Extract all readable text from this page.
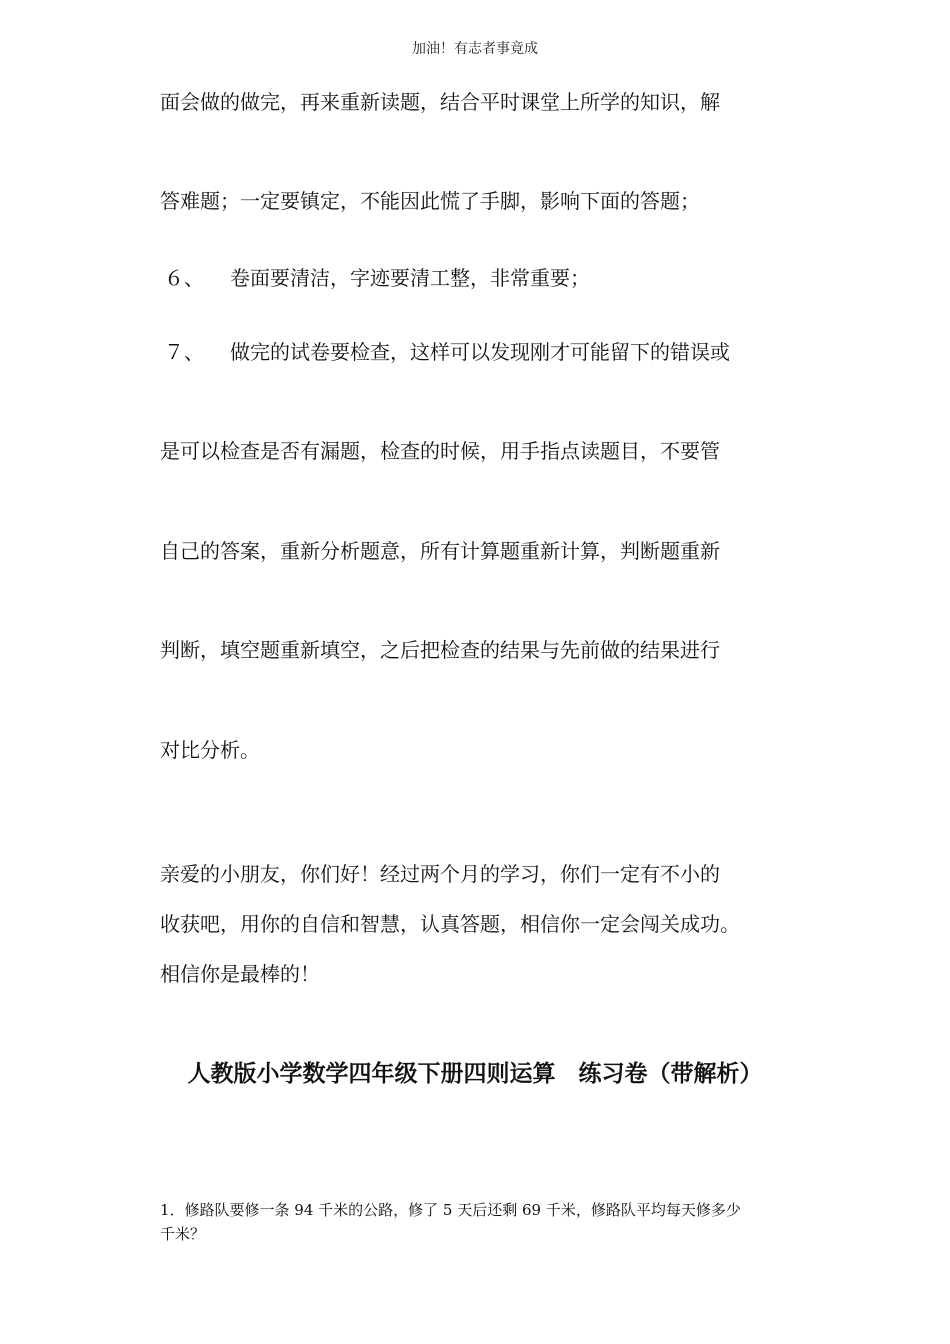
加油！有志者事竟成
面会做的做完，再来重新读题，结合平时课堂上所学的知识，解
答难题；一定要镇定，不能因此慌了手脚，影响下面的答题；
６、 卷面要清洁，字迹要清工整，非常重要；
７、 做完的试卷要检查，这样可以发现刚才可能留下的错误或
是可以检查是否有漏题，检查的时候，用手指点读题目，不要管
自己的答案，重新分析题意，所有计算题重新计算，判断题重新
判断，填空题重新填空，之后把检查的结果与先前做的结果进行
对比分析。
亲爱的小朋友，你们好！经过两个月的学习，你们一定有不小的
收获吧，用你的自信和智慧，认真答题，相信你一定会闯关成功。
相信你是最棒的！
人教版小学数学四年级下册四则运算　练习卷（带解析）
1．修路队要修一条 94 千米的公路，修了 5 天后还剩 69 千米，修路队平均每天修多少
千米？
